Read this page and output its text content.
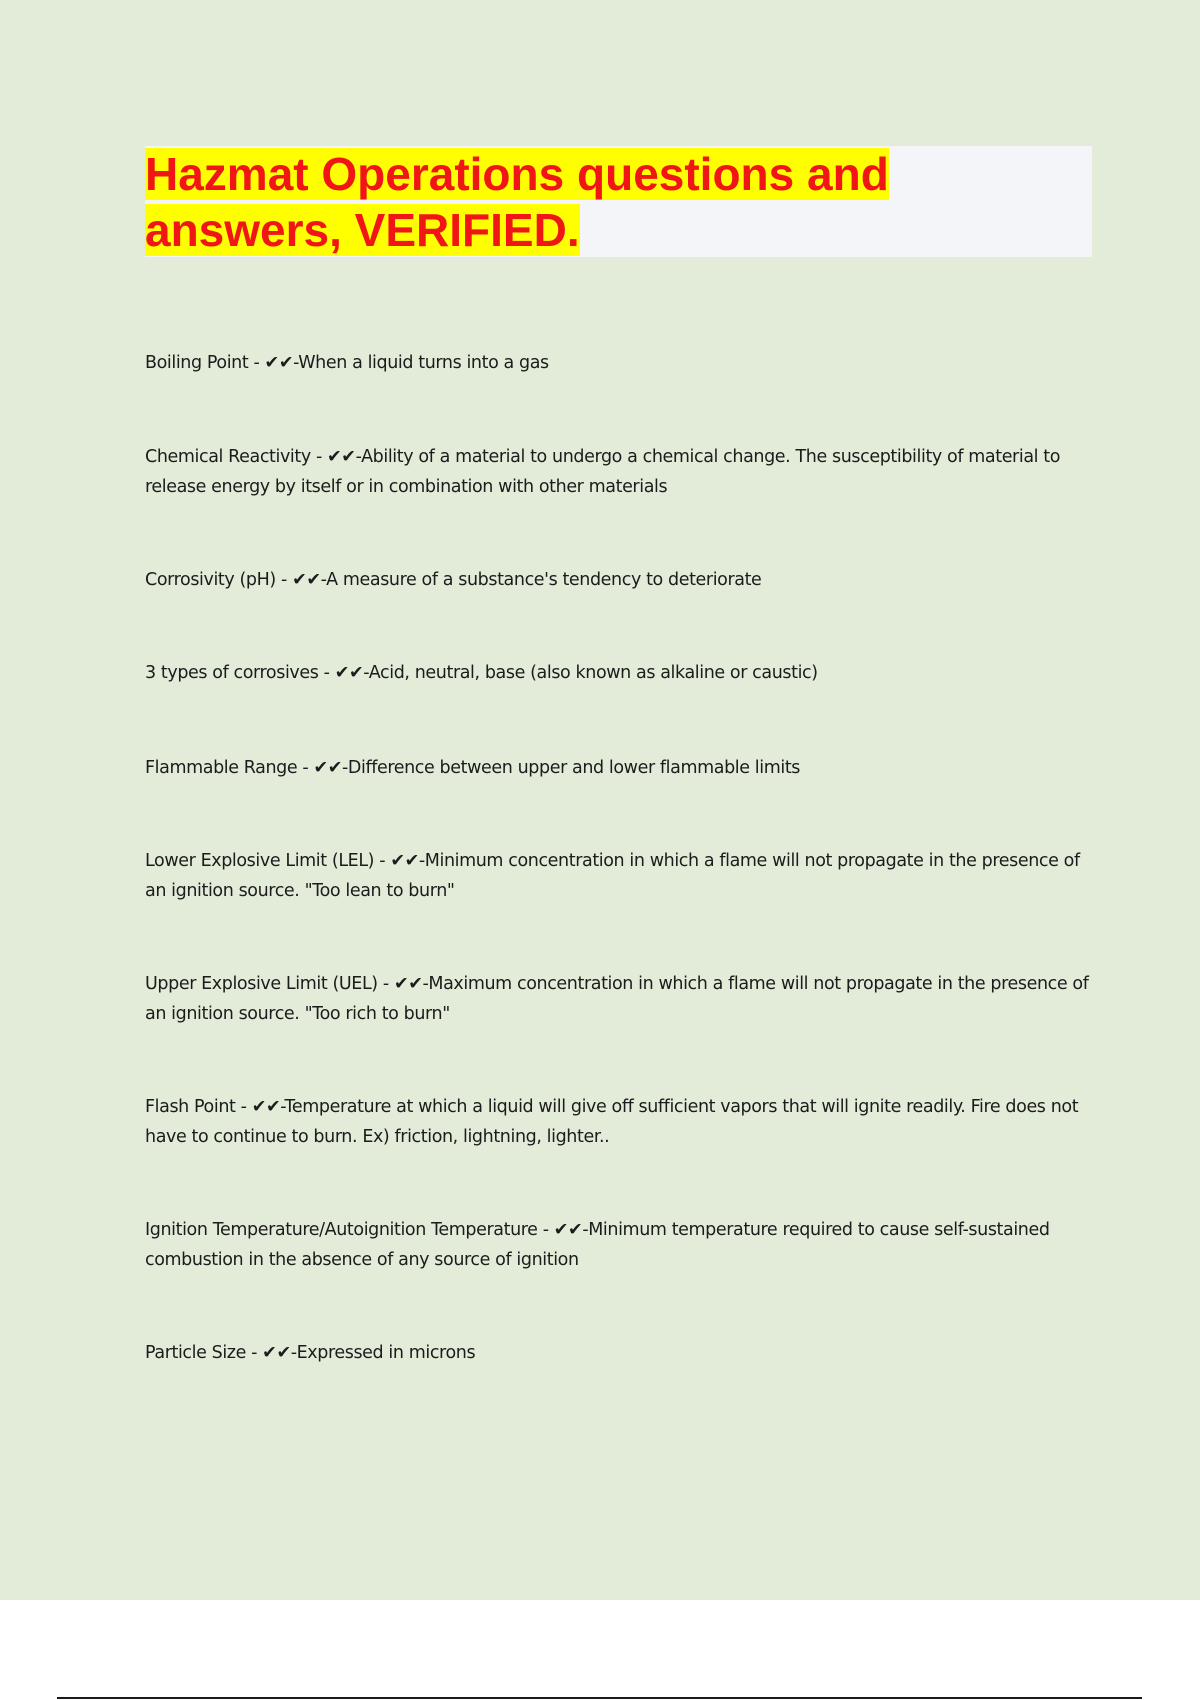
Hazmat Operations questions and answers, VERIFIED.
Boiling Point - ✔✔-When a liquid turns into a gas
Chemical Reactivity - ✔✔-Ability of a material to undergo a chemical change. The susceptibility of material to release energy by itself or in combination with other materials
Corrosivity (pH) - ✔✔-A measure of a substance's tendency to deteriorate
3 types of corrosives - ✔✔-Acid, neutral, base (also known as alkaline or caustic)
Flammable Range - ✔✔-Difference between upper and lower flammable limits
Lower Explosive Limit (LEL) - ✔✔-Minimum concentration in which a flame will not propagate in the presence of an ignition source. "Too lean to burn"
Upper Explosive Limit (UEL) - ✔✔-Maximum concentration in which a flame will not propagate in the presence of an ignition source. "Too rich to burn"
Flash Point - ✔✔-Temperature at which a liquid will give off sufficient vapors that will ignite readily. Fire does not have to continue to burn. Ex) friction, lightning, lighter..
Ignition Temperature/Autoignition Temperature - ✔✔-Minimum temperature required to cause self-sustained combustion in the absence of any source of ignition
Particle Size - ✔✔-Expressed in microns
